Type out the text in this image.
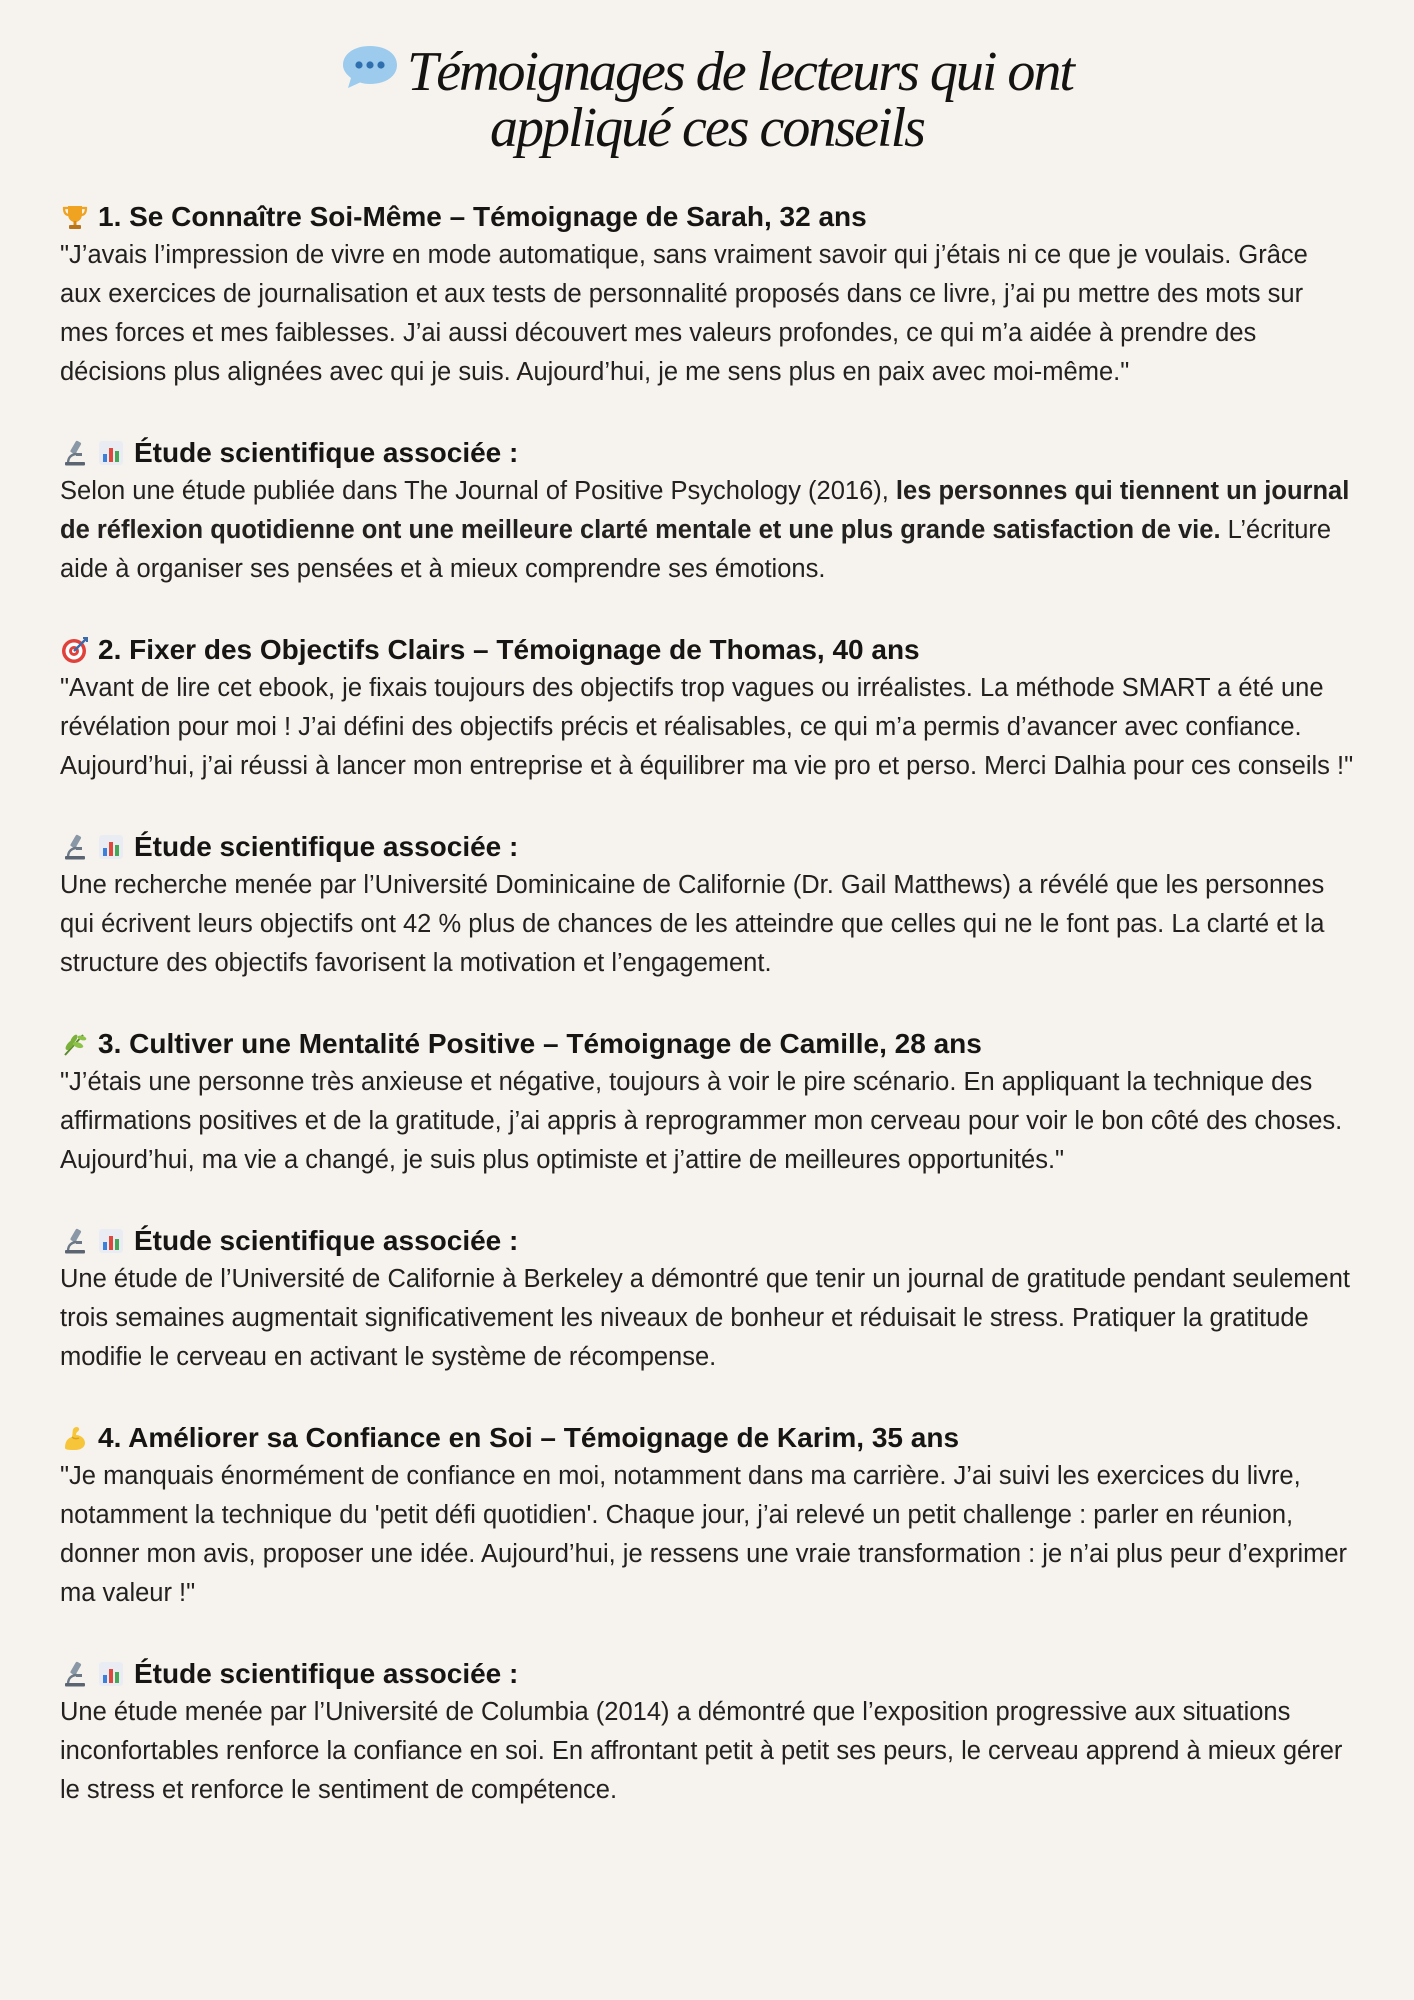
Témoignages de lecteurs qui ont
appliqué ces conseils
1. Se Connaître Soi-Même – Témoignage de Sarah, 32 ans

"J’avais l’impression de vivre en mode automatique, sans vraiment savoir qui j’étais ni ce que je voulais. Grâce aux exercices de journalisation et aux tests de personnalité proposés dans ce livre, j’ai pu mettre des mots sur mes forces et mes faiblesses. J’ai aussi découvert mes valeurs profondes, ce qui m’a aidée à prendre des décisions plus alignées avec qui je suis. Aujourd’hui, je me sens plus en paix avec moi-même."

Étude scientifique associée :

Selon une étude publiée dans The Journal of Positive Psychology (2016), les personnes qui tiennent un journal de réflexion quotidienne ont une meilleure clarté mentale et une plus grande satisfaction de vie. L’écriture aide à organiser ses pensées et à mieux comprendre ses émotions.

2. Fixer des Objectifs Clairs – Témoignage de Thomas, 40 ans

"Avant de lire cet ebook, je fixais toujours des objectifs trop vagues ou irréalistes. La méthode SMART a été une révélation pour moi ! J’ai défini des objectifs précis et réalisables, ce qui m’a permis d’avancer avec confiance. Aujourd’hui, j’ai réussi à lancer mon entreprise et à équilibrer ma vie pro et perso. Merci Dalhia pour ces conseils !"

Étude scientifique associée :

Une recherche menée par l’Université Dominicaine de Californie (Dr. Gail Matthews) a révélé que les personnes qui écrivent leurs objectifs ont 42 % plus de chances de les atteindre que celles qui ne le font pas. La clarté et la structure des objectifs favorisent la motivation et l’engagement.

3. Cultiver une Mentalité Positive – Témoignage de Camille, 28 ans

"J’étais une personne très anxieuse et négative, toujours à voir le pire scénario. En appliquant la technique des affirmations positives et de la gratitude, j’ai appris à reprogrammer mon cerveau pour voir le bon côté des choses. Aujourd’hui, ma vie a changé, je suis plus optimiste et j’attire de meilleures opportunités."

Étude scientifique associée :

Une étude de l’Université de Californie à Berkeley a démontré que tenir un journal de gratitude pendant seulement trois semaines augmentait significativement les niveaux de bonheur et réduisait le stress. Pratiquer la gratitude modifie le cerveau en activant le système de récompense.

4. Améliorer sa Confiance en Soi – Témoignage de Karim, 35 ans

"Je manquais énormément de confiance en moi, notamment dans ma carrière. J’ai suivi les exercices du livre, notamment la technique du 'petit défi quotidien'. Chaque jour, j’ai relevé un petit challenge : parler en réunion, donner mon avis, proposer une idée. Aujourd’hui, je ressens une vraie transformation : je n’ai plus peur d’exprimer ma valeur !"

Étude scientifique associée :

Une étude menée par l’Université de Columbia (2014) a démontré que l’exposition progressive aux situations inconfortables renforce la confiance en soi. En affrontant petit à petit ses peurs, le cerveau apprend à mieux gérer le stress et renforce le sentiment de compétence.
